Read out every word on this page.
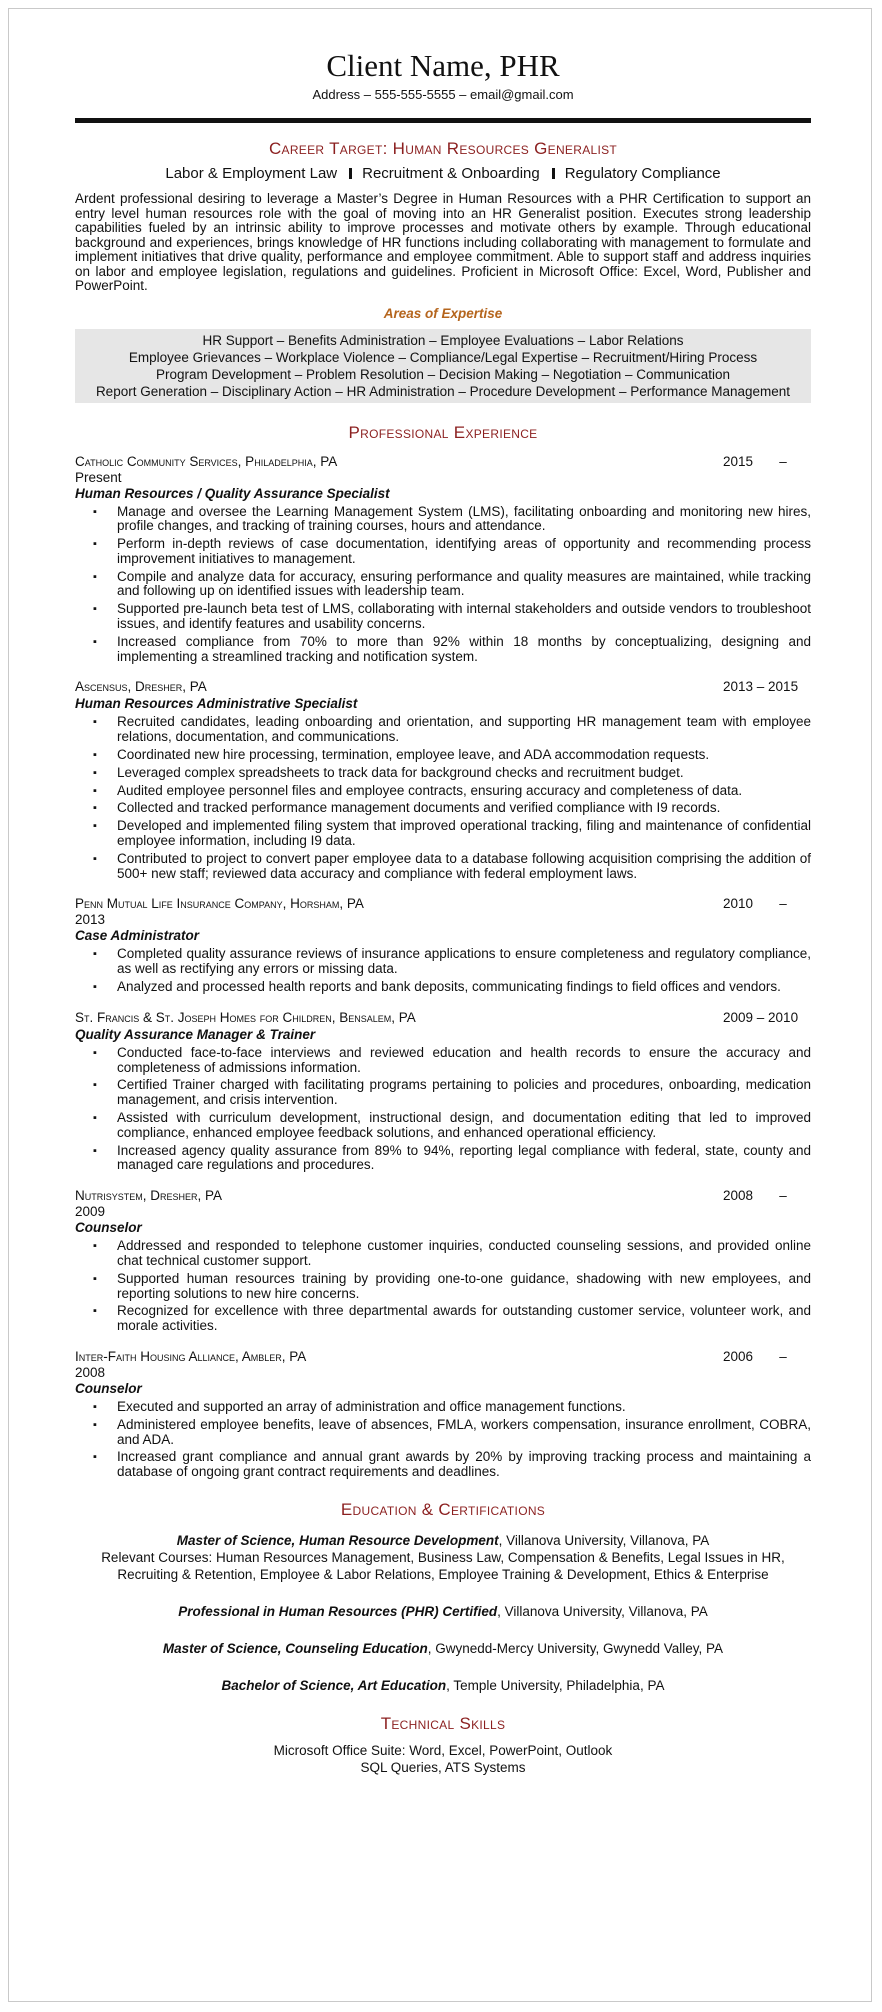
Client Name, PHR
Address – 555-555-5555 – email@gmail.com
Career Target: Human Resources Generalist
Labor & Employment Law Recruitment & Onboarding Regulatory Compliance
Ardent professional desiring to leverage a Master’s Degree in Human Resources with a PHR Certification to support an entry level human resources role with the goal of moving into an HR Generalist position. Executes strong leadership capabilities fueled by an intrinsic ability to improve processes and motivate others by example. Through educational background and experiences, brings knowledge of HR functions including collaborating with management to formulate and implement initiatives that drive quality, performance and employee commitment. Able to support staff and address inquiries on labor and employee legislation, regulations and guidelines. Proficient in Microsoft Office: Excel, Word, Publisher and PowerPoint.
Areas of Expertise
HR Support – Benefits Administration – Employee Evaluations – Labor Relations
Employee Grievances – Workplace Violence – Compliance/Legal Expertise – Recruitment/Hiring Process
Program Development – Problem Resolution – Decision Making – Negotiation – Communication
Report Generation – Disciplinary Action – HR Administration – Procedure Development – Performance Management
Professional Experience
Catholic Community Services, Philadelphia, PA	2015       –
Present
Human Resources / Quality Assurance Specialist
▪ Manage and oversee the Learning Management System (LMS), facilitating onboarding and monitoring new hires, profile changes, and tracking of training courses, hours and attendance.
▪ Perform in-depth reviews of case documentation, identifying areas of opportunity and recommending process improvement initiatives to management.
▪ Compile and analyze data for accuracy, ensuring performance and quality measures are maintained, while tracking and following up on identified issues with leadership team.
▪ Supported pre-launch beta test of LMS, collaborating with internal stakeholders and outside vendors to troubleshoot issues, and identify features and usability concerns.
▪ Increased compliance from 70% to more than 92% within 18 months by conceptualizing, designing and implementing a streamlined tracking and notification system.
Ascensus, Dresher, PA	2013 – 2015
Human Resources Administrative Specialist
▪ Recruited candidates, leading onboarding and orientation, and supporting HR management team with employee relations, documentation, and communications.
▪ Coordinated new hire processing, termination, employee leave, and ADA accommodation requests.
▪ Leveraged complex spreadsheets to track data for background checks and recruitment budget.
▪ Audited employee personnel files and employee contracts, ensuring accuracy and completeness of data.
▪ Collected and tracked performance management documents and verified compliance with I9 records.
▪ Developed and implemented filing system that improved operational tracking, filing and maintenance of confidential employee information, including I9 data.
▪ Contributed to project to convert paper employee data to a database following acquisition comprising the addition of 500+ new staff; reviewed data accuracy and compliance with federal employment laws.
Penn Mutual Life Insurance Company, Horsham, PA	2010       –
2013
Case Administrator
▪ Completed quality assurance reviews of insurance applications to ensure completeness and regulatory compliance, as well as rectifying any errors or missing data.
▪ Analyzed and processed health reports and bank deposits, communicating findings to field offices and vendors.
St. Francis & St. Joseph Homes for Children, Bensalem, PA	2009 – 2010
Quality Assurance Manager & Trainer
▪ Conducted face-to-face interviews and reviewed education and health records to ensure the accuracy and completeness of admissions information.
▪ Certified Trainer charged with facilitating programs pertaining to policies and procedures, onboarding, medication management, and crisis intervention.
▪ Assisted with curriculum development, instructional design, and documentation editing that led to improved compliance, enhanced employee feedback solutions, and enhanced operational efficiency.
▪ Increased agency quality assurance from 89% to 94%, reporting legal compliance with federal, state, county and managed care regulations and procedures.
Nutrisystem, Dresher, PA	2008       –
2009
Counselor
▪ Addressed and responded to telephone customer inquiries, conducted counseling sessions, and provided online chat technical customer support.
▪ Supported human resources training by providing one-to-one guidance, shadowing with new employees, and reporting solutions to new hire concerns.
▪ Recognized for excellence with three departmental awards for outstanding customer service, volunteer work, and morale activities.
Inter-Faith Housing Alliance, Ambler, PA	2006       –
2008
Counselor
▪ Executed and supported an array of administration and office management functions.
▪ Administered employee benefits, leave of absences, FMLA, workers compensation, insurance enrollment, COBRA, and ADA.
▪ Increased grant compliance and annual grant awards by 20% by improving tracking process and maintaining a database of ongoing grant contract requirements and deadlines.
Education & Certifications
Master of Science, Human Resource Development, Villanova University, Villanova, PA
Relevant Courses: Human Resources Management, Business Law, Compensation & Benefits, Legal Issues in HR,
Recruiting & Retention, Employee & Labor Relations, Employee Training & Development, Ethics & Enterprise
Professional in Human Resources (PHR) Certified, Villanova University, Villanova, PA
Master of Science, Counseling Education, Gwynedd-Mercy University, Gwynedd Valley, PA
Bachelor of Science, Art Education, Temple University, Philadelphia, PA
Technical Skills
Microsoft Office Suite: Word, Excel, PowerPoint, Outlook
SQL Queries, ATS Systems
